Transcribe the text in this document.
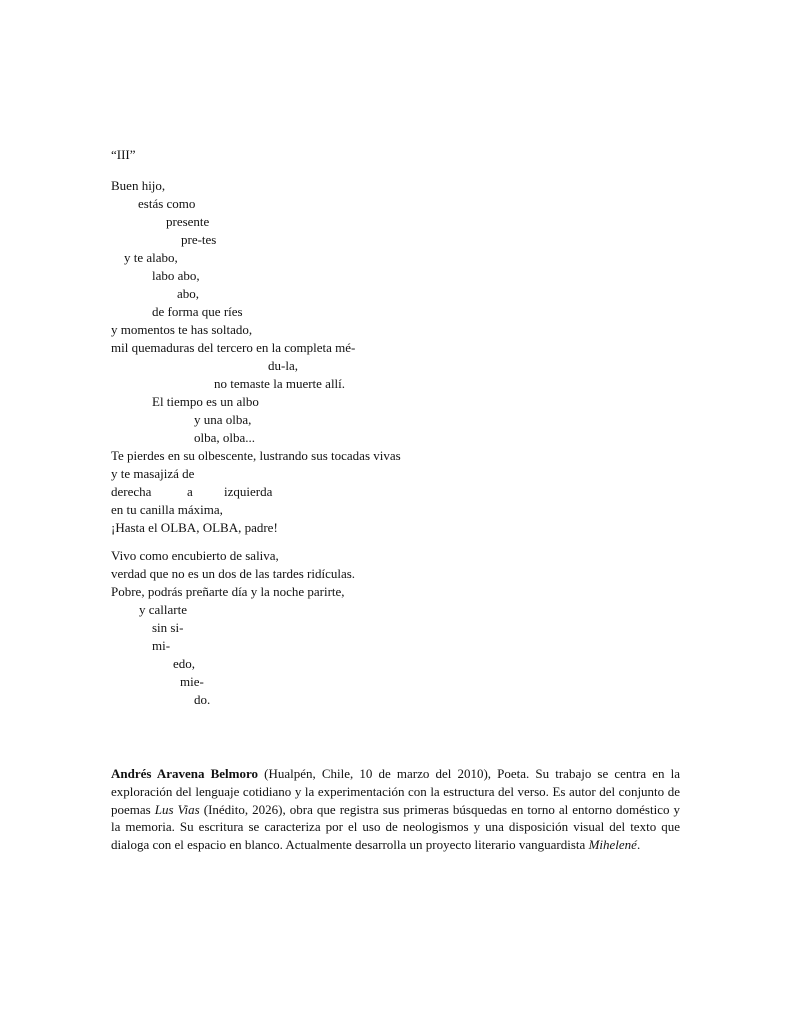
“III”
Buen hijo,
estás como
presente
pre-tes
y te alabo,
labo abo,
abo,
de forma que ríes
y momentos te has soltado,
mil quemaduras del tercero en la completa mé-
du-la,
no temaste la muerte allí.
El tiempo es un albo
y una olba,
olba, olba...
Te pierdes en su olbescente, lustrando sus tocadas vivas
y te masajizá de
derecha	a izquierda
en tu canilla máxima,
¡Hasta el OLBA, OLBA, padre!
Vivo como encubierto de saliva,
verdad que no es un dos de las tardes ridículas.
Pobre, podrás preñarte día y la noche parirte,
y callarte
sin si-
mi-
edo,
mie-
do.
Andrés Aravena Belmoro (Hualpén, Chile, 10 de marzo del 2010), Poeta. Su trabajo se centra en la exploración del lenguaje cotidiano y la experimentación con la estructura del verso. Es autor del conjunto de poemas Lus Vias (Inédito, 2026), obra que registra sus primeras búsquedas en torno al entorno doméstico y la memoria. Su escritura se caracteriza por el uso de neologismos y una disposición visual del texto que dialoga con el espacio en blanco. Actualmente desarrolla un proyecto literario vanguardista Mihelené.
